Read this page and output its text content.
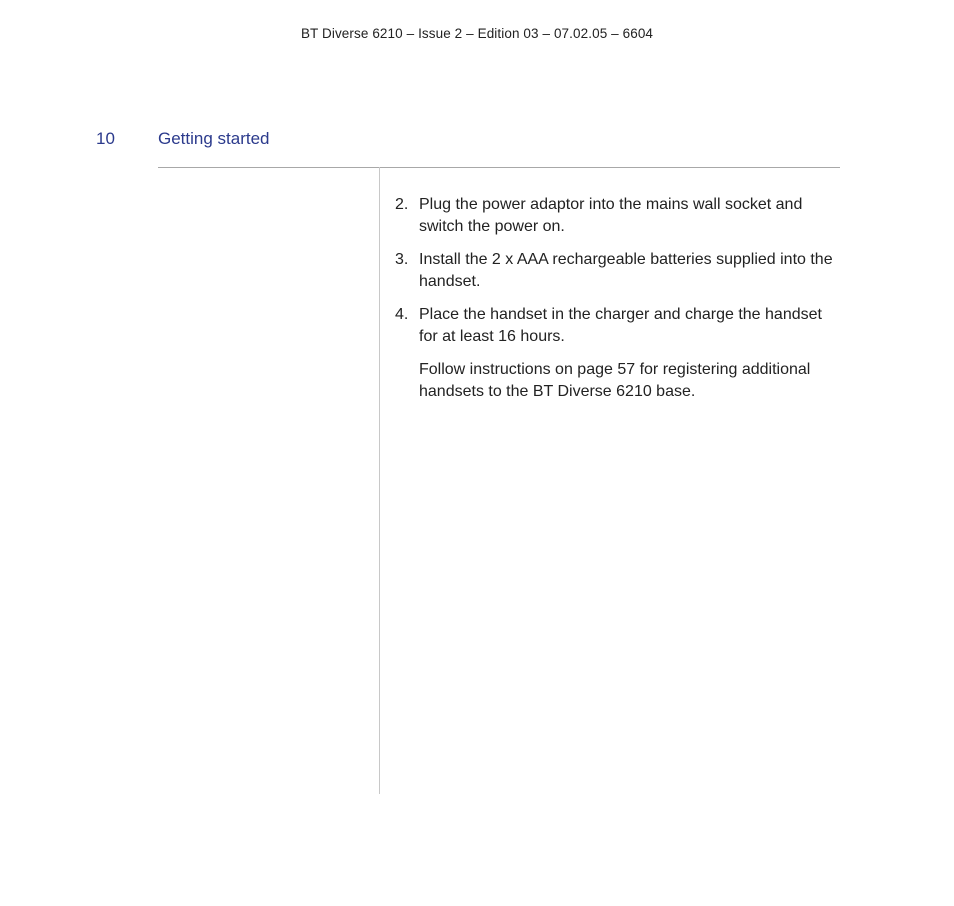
BT Diverse 6210 – Issue 2 – Edition 03 – 07.02.05 – 6604
10	Getting started
2. Plug the power adaptor into the mains wall socket and switch the power on.
3. Install the 2 x AAA rechargeable batteries supplied into the handset.
4. Place the handset in the charger and charge the handset for at least 16 hours.

Follow instructions on page 57 for registering additional handsets to the BT Diverse 6210 base.
